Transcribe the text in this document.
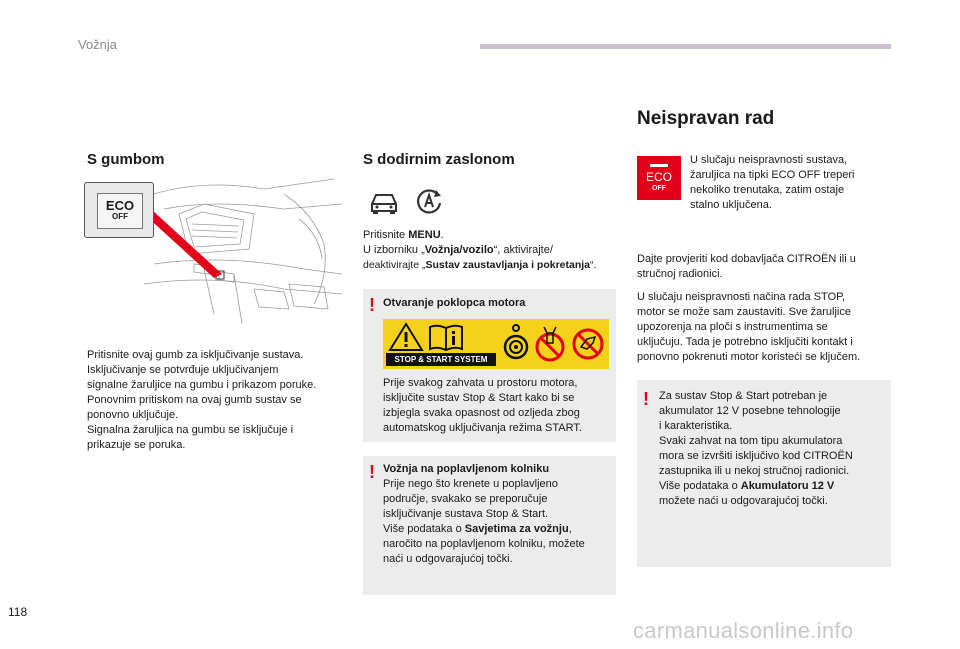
Vožnja
S gumbom
ECO
OFF
Pritisnite ovaj gumb za isključivanje sustava.
Isključivanje se potvrđuje uključivanjem
signalne žaruljice na gumbu i prikazom poruke.
Ponovnim pritiskom na ovaj gumb sustav se
ponovno uključuje.
Signalna žaruljica na gumbu se isključuje i
prikazuje se poruka.
S dodirnim zaslonom
Pritisnite MENU.
U izborniku „Vožnja/vozilo“, aktivirajte/
deaktivirajte „Sustav zaustavljanja i pokretanja“.
! Otvaranje poklopca motora
STOP & START SYSTEM
Prije svakog zahvata u prostoru motora,
isključite sustav Stop & Start kako bi se
izbjegla svaka opasnost od ozljeda zbog
automatskog uključivanja režima START.
! Vožnja na poplavljenom kolniku
Prije nego što krenete u poplavljeno
područje, svakako se preporučuje
isključivanje sustava Stop & Start.
Više podataka o Savjetima za vožnju,
naročito na poplavljenom kolniku, možete
naći u odgovarajućoj točki.
Neispravan rad
ECO
OFF
U slučaju neispravnosti sustava,
žaruljica na tipki ECO OFF treperi
nekoliko trenutaka, zatim ostaje
stalno uključena.
Dajte provjeriti kod dobavljača CITROËN ili u
stručnoj radionici.
U slučaju neispravnosti načina rada STOP,
motor se može sam zaustaviti. Sve žaruljice
upozorenja na ploči s instrumentima se
uključuju. Tada je potrebno isključiti kontakt i
ponovno pokrenuti motor koristeći se ključem.
! Za sustav Stop & Start potreban je
akumulator 12 V posebne tehnologije
i karakteristika.
Svaki zahvat na tom tipu akumulatora
mora se izvršiti isključivo kod CITROËN
zastupnika ili u nekoj stručnoj radionici.
Više podataka o Akumulatoru 12 V
možete naći u odgovarajućoj točki.
118
carmanualsonline.info
